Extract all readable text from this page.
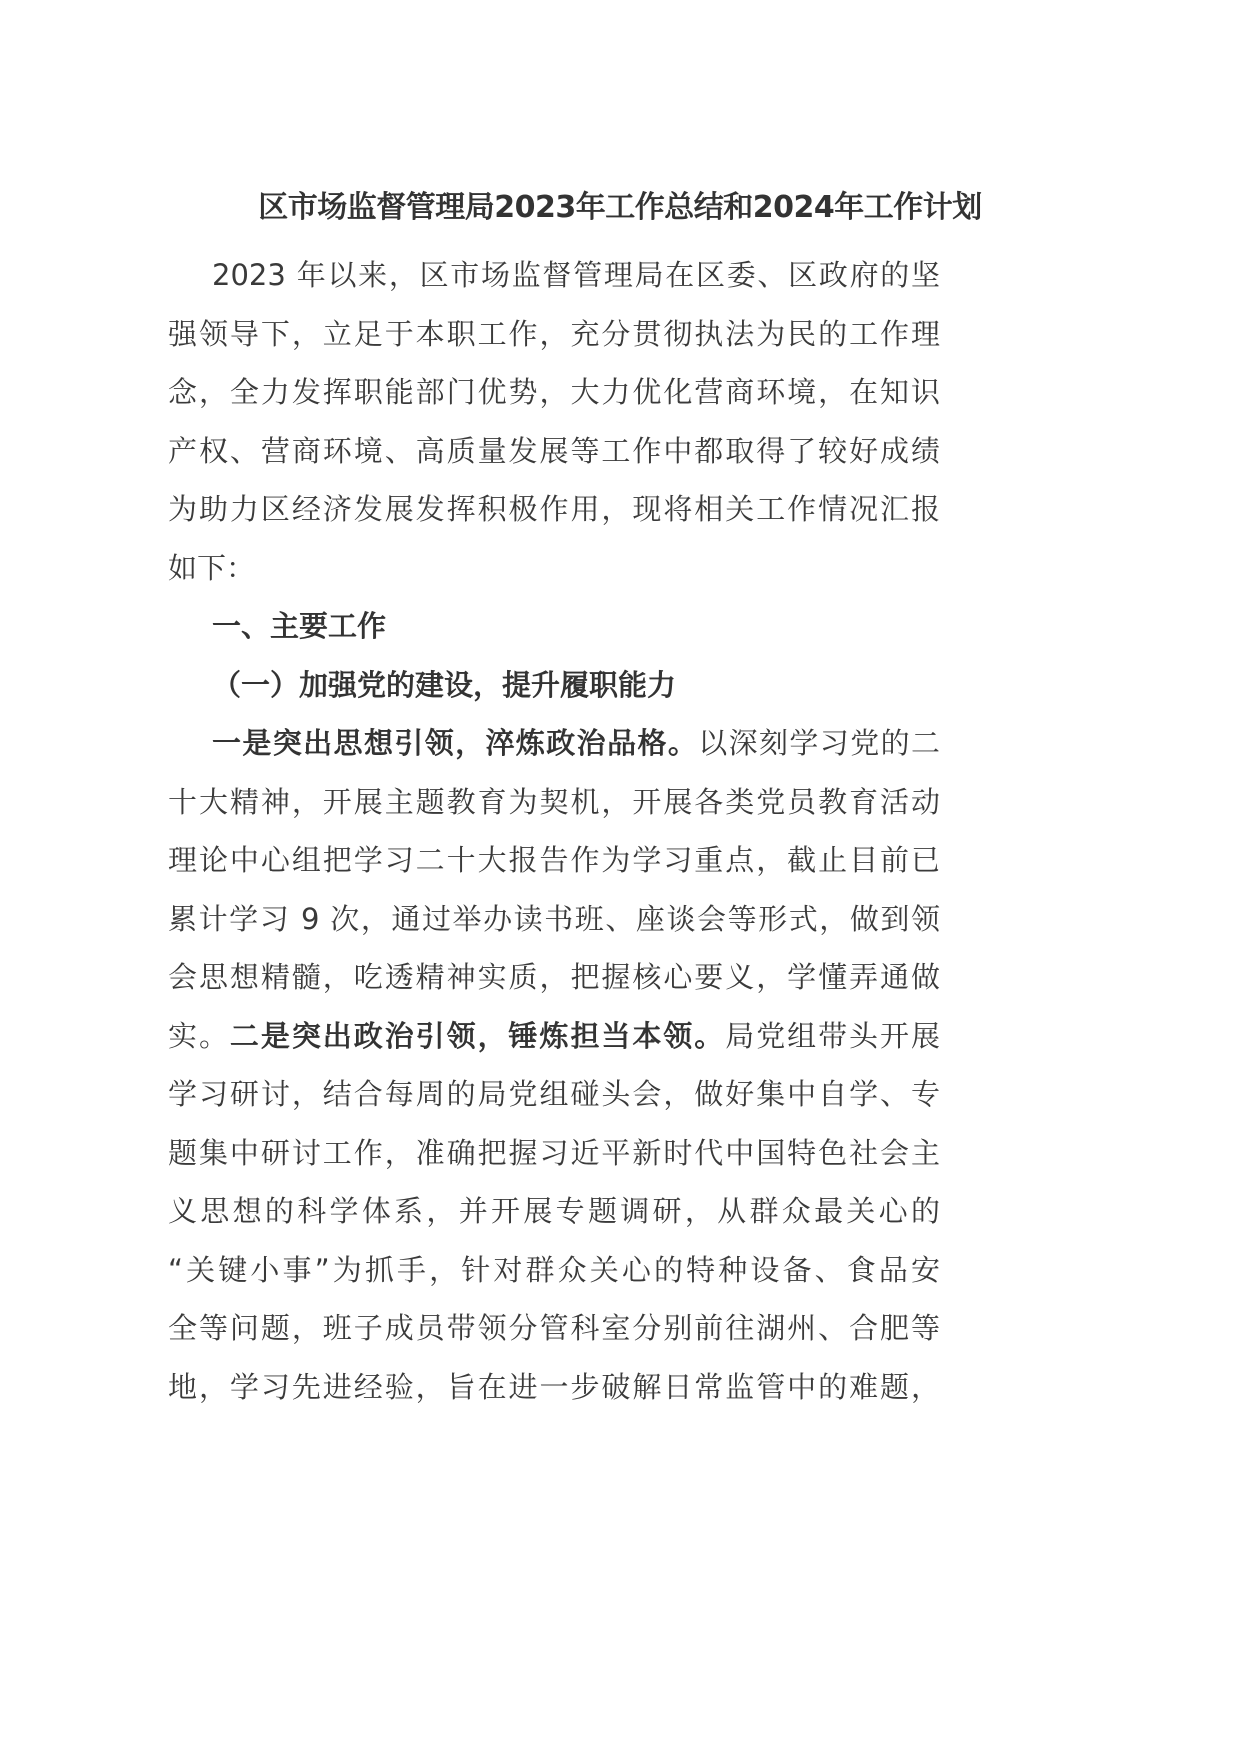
区市场监督管理局2023年工作总结和2024年工作计划
2023 年以来，区市场监督管理局在区委、区政府的坚
强领导下，立足于本职工作，充分贯彻执法为民的工作理
念，全力发挥职能部门优势，大力优化营商环境，在知识
产权、营商环境、高质量发展等工作中都取得了较好成绩
为助力区经济发展发挥积极作用，现将相关工作情况汇报
如下：
一、主要工作
（一）加强党的建设，提升履职能力
一是突出思想引领，淬炼政治品格。以深刻学习党的二
十大精神，开展主题教育为契机，开展各类党员教育活动
理论中心组把学习二十大报告作为学习重点，截止目前已
累计学习 9 次，通过举办读书班、座谈会等形式，做到领
会思想精髓，吃透精神实质，把握核心要义，学懂弄通做
实。二是突出政治引领，锤炼担当本领。局党组带头开展
学习研讨，结合每周的局党组碰头会，做好集中自学、专
题集中研讨工作，准确把握习近平新时代中国特色社会主
义思想的科学体系，并开展专题调研，从群众最关心的
“关键小事”为抓手，针对群众关心的特种设备、食品安
全等问题，班子成员带领分管科室分别前往湖州、合肥等
地，学习先进经验，旨在进一步破解日常监管中的难题，
